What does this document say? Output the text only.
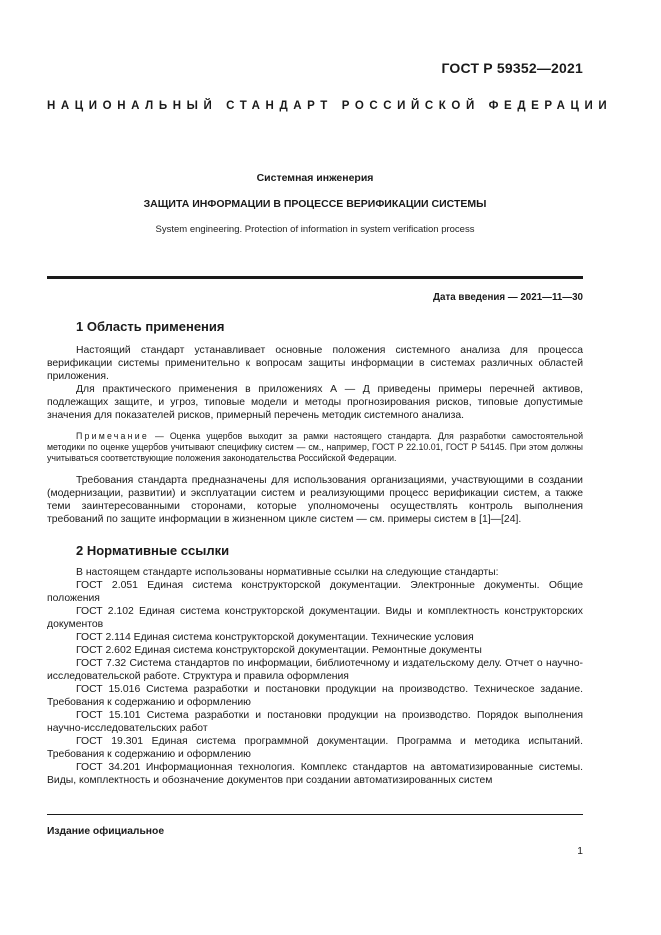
ГОСТ Р 59352—2021
НАЦИОНАЛЬНЫЙ СТАНДАРТ РОССИЙСКОЙ ФЕДЕРАЦИИ
Системная инженерия
ЗАЩИТА ИНФОРМАЦИИ В ПРОЦЕССЕ ВЕРИФИКАЦИИ СИСТЕМЫ
System engineering. Protection of information in system verification process
Дата введения — 2021—11—30
1 Область применения

Настоящий стандарт устанавливает основные положения системного анализа для процесса верификации системы применительно к вопросам защиты информации в системах различных областей приложения.

Для практического применения в приложениях А — Д приведены примеры перечней активов, подлежащих защите, и угроз, типовые модели и методы прогнозирования рисков, типовые допустимые значения для показателей рисков, примерный перечень методик системного анализа.

Примечание — Оценка ущербов выходит за рамки настоящего стандарта. Для разработки самостоятельной методики по оценке ущербов учитывают специфику систем — см., например, ГОСТ Р 22.10.01, ГОСТ Р 54145. При этом должны учитываться соответствующие положения законодательства Российской Федерации.

Требования стандарта предназначены для использования организациями, участвующими в создании (модернизации, развитии) и эксплуатации систем и реализующими процесс верификации систем, а также теми заинтересованными сторонами, которые уполномочены осуществлять контроль выполнения требований по защите информации в жизненном цикле систем — см. примеры систем в [1]—[24].

2 Нормативные ссылки

В настоящем стандарте использованы нормативные ссылки на следующие стандарты:

ГОСТ 2.051 Единая система конструкторской документации. Электронные документы. Общие положения

ГОСТ 2.102 Единая система конструкторской документации. Виды и комплектность конструкторских документов

ГОСТ 2.114 Единая система конструкторской документации. Технические условия

ГОСТ 2.602 Единая система конструкторской документации. Ремонтные документы

ГОСТ 7.32 Система стандартов по информации, библиотечному и издательскому делу. Отчет о научно-исследовательской работе. Структура и правила оформления

ГОСТ 15.016 Система разработки и постановки продукции на производство. Техническое задание. Требования к содержанию и оформлению

ГОСТ 15.101 Система разработки и постановки продукции на производство. Порядок выполнения научно-исследовательских работ

ГОСТ 19.301 Единая система программной документации. Программа и методика испытаний. Требования к содержанию и оформлению

ГОСТ 34.201 Информационная технология. Комплекс стандартов на автоматизированные системы. Виды, комплектность и обозначение документов при создании автоматизированных систем

Издание официальное
1
